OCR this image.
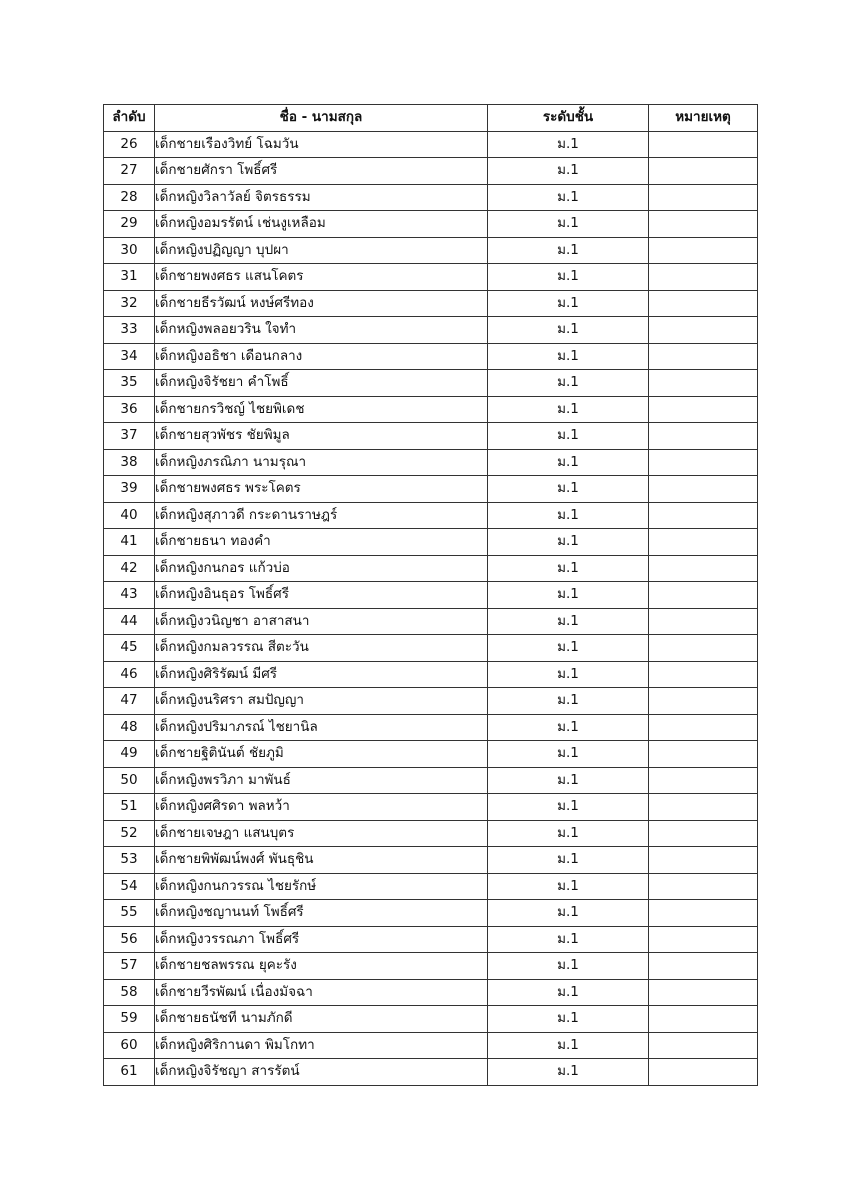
ลำดับ	ชื่อ - นามสกุล	ระดับชั้น	หมายเหตุ
26	เด็กชายเรืองวิทย์ โฉมวัน	ม.1	
27	เด็กชายศักรา โพธิ์ศรี	ม.1	
28	เด็กหญิงวิลาวัลย์ จิตรธรรม	ม.1	
29	เด็กหญิงอมรรัตน์ เช่นงูเหลือม	ม.1	
30	เด็กหญิงปฏิญญา บุปผา	ม.1	
31	เด็กชายพงศธร แสนโคตร	ม.1	
32	เด็กชายธีรวัฒน์ หงษ์ศรีทอง	ม.1	
33	เด็กหญิงพลอยวริน ใจทำ	ม.1	
34	เด็กหญิงอธิชา เดือนกลาง	ม.1	
35	เด็กหญิงจิรัชยา คำโพธิ์	ม.1	
36	เด็กชายกรวิชญ์ ไชยพิเดช	ม.1	
37	เด็กชายสุวพัชร ชัยพิมูล	ม.1	
38	เด็กหญิงภรณิภา นามรุณา	ม.1	
39	เด็กชายพงศธร พระโคตร	ม.1	
40	เด็กหญิงสุภาวดี กระดานราษฎร์	ม.1	
41	เด็กชายธนา ทองคำ	ม.1	
42	เด็กหญิงกนกอร แก้วบ่อ	ม.1	
43	เด็กหญิงอินธุอร โพธิ์ศรี	ม.1	
44	เด็กหญิงวนิญชา อาสาสนา	ม.1	
45	เด็กหญิงกมลวรรณ สีตะวัน	ม.1	
46	เด็กหญิงศิริรัฒน์ มีศรี	ม.1	
47	เด็กหญิงนริศรา สมปัญญา	ม.1	
48	เด็กหญิงปริมาภรณ์ ไชยานิล	ม.1	
49	เด็กชายฐิตินันต์ ชัยภูมิ	ม.1	
50	เด็กหญิงพรวิภา มาพันธ์	ม.1	
51	เด็กหญิงศศิรดา พลหว้า	ม.1	
52	เด็กชายเจษฎา แสนบุตร	ม.1	
53	เด็กชายพิพัฒน์พงศ์ พันธุชิน	ม.1	
54	เด็กหญิงกนกวรรณ ไชยรักษ์	ม.1	
55	เด็กหญิงชญานนท์ โพธิ์ศรี	ม.1	
56	เด็กหญิงวรรณภา โพธิ์ศรี	ม.1	
57	เด็กชายชลพรรณ ยุคะรัง	ม.1	
58	เด็กชายวีรพัฒน์ เนื่องมัจฉา	ม.1	
59	เด็กชายธนัชที นามภักดี	ม.1	
60	เด็กหญิงศิริกานดา พิมโกทา	ม.1	
61	เด็กหญิงจิรัชญา สารรัตน์	ม.1	
